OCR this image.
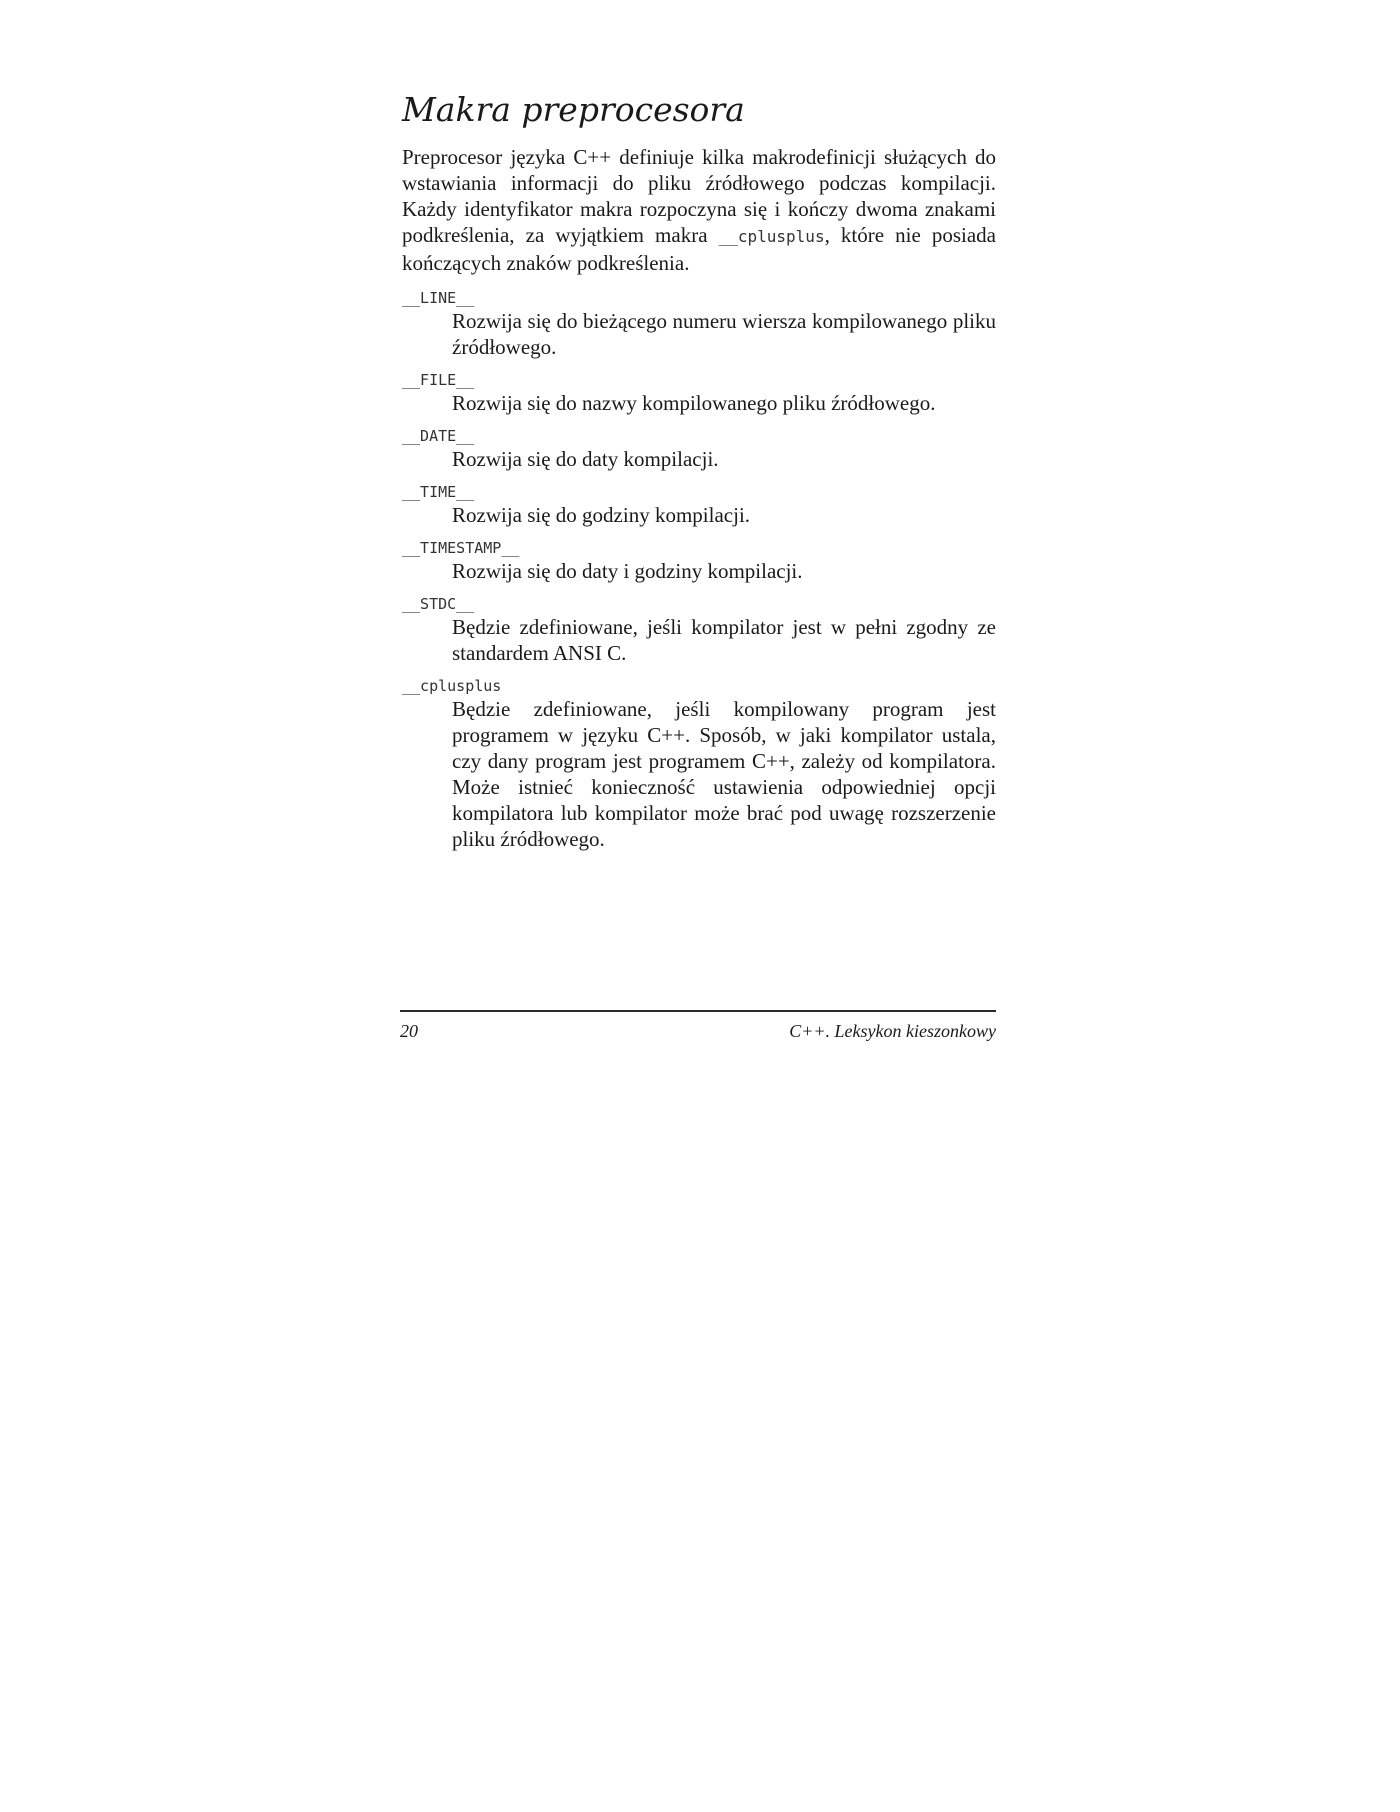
Makra preprocesora

Preprocesor języka C++ definiuje kilka makrodefinicji służących do wstawiania informacji do pliku źródłowego podczas kompilacji. Każdy identyfikator makra rozpoczyna się i kończy dwoma znakami podkreślenia, za wyjątkiem makra __cplusplus, które nie posiada kończących znaków podkreślenia.

__LINE__
Rozwija się do bieżącego numeru wiersza kompilowanego pliku źródłowego.
__FILE__
Rozwija się do nazwy kompilowanego pliku źródłowego.
__DATE__
Rozwija się do daty kompilacji.
__TIME__
Rozwija się do godziny kompilacji.
__TIMESTAMP__
Rozwija się do daty i godziny kompilacji.
__STDC__
Będzie zdefiniowane, jeśli kompilator jest w pełni zgodny ze standardem ANSI C.
__cplusplus
Będzie zdefiniowane, jeśli kompilowany program jest programem w języku C++. Sposób, w jaki kompilator ustala, czy dany program jest programem C++, zależy od kompilatora. Może istnieć konieczność ustawienia odpowiedniej opcji kompilatora lub kompilator może brać pod uwagę rozszerzenie pliku źródłowego.
20	C++. Leksykon kieszonkowy
